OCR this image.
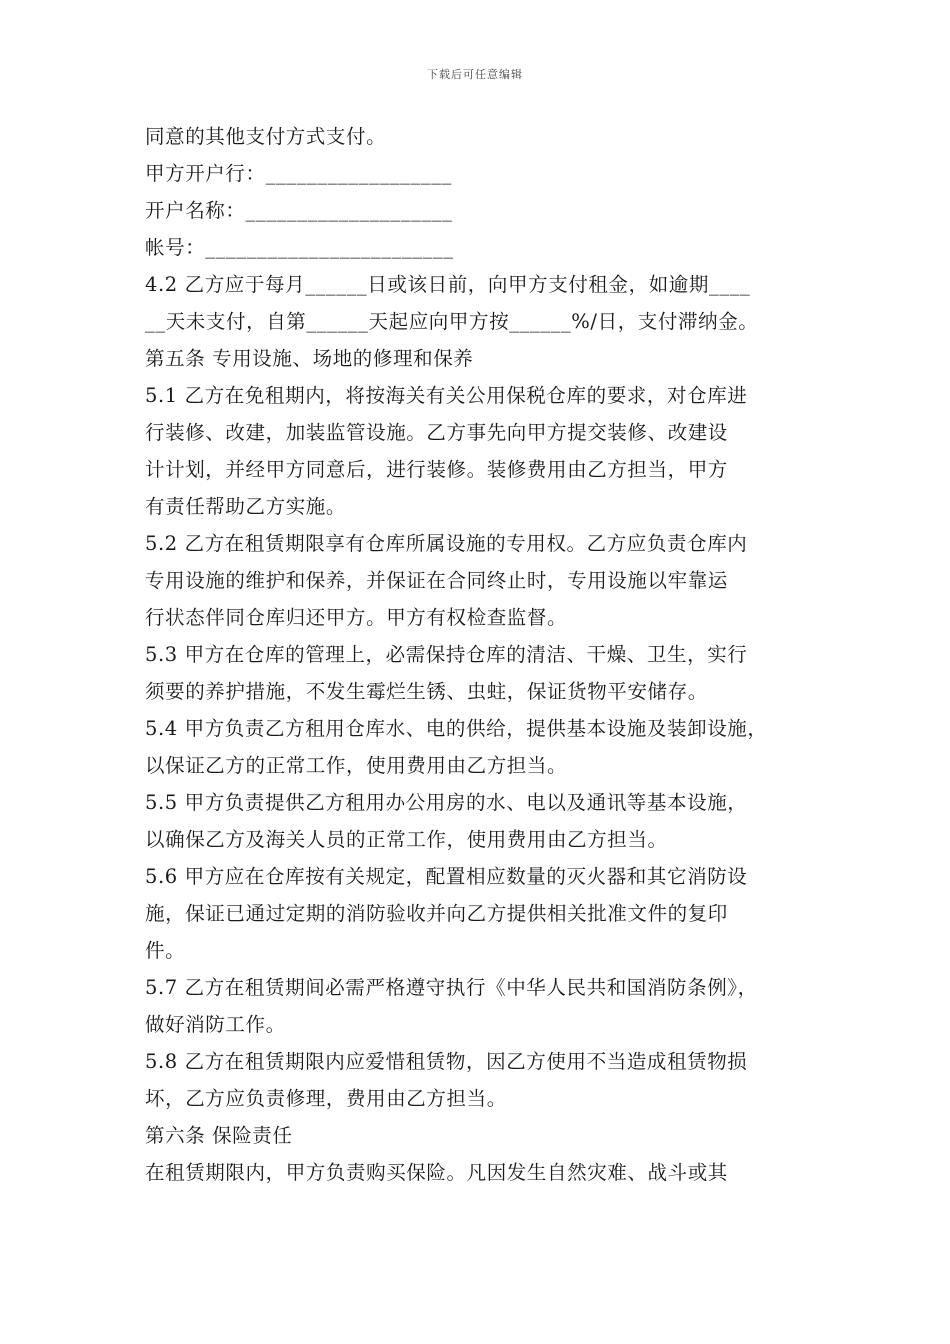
下载后可任意编辑
同意的其他支付方式支付。
甲方开户行：__________________
开户名称：____________________
帐号：________________________
4.2 乙方应于每月______日或该日前，向甲方支付租金，如逾期____
__天未支付，自第______天起应向甲方按______%/日，支付滞纳金。
第五条 专用设施、场地的修理和保养
5.1 乙方在免租期内，将按海关有关公用保税仓库的要求，对仓库进
行装修、改建，加装监管设施。乙方事先向甲方提交装修、改建设
计计划，并经甲方同意后，进行装修。装修费用由乙方担当，甲方
有责任帮助乙方实施。
5.2 乙方在租赁期限享有仓库所属设施的专用权。乙方应负责仓库内
专用设施的维护和保养，并保证在合同终止时，专用设施以牢靠运
行状态伴同仓库归还甲方。甲方有权检查监督。
5.3 甲方在仓库的管理上，必需保持仓库的清洁、干燥、卫生，实行
须要的养护措施，不发生霉烂生锈、虫蛀，保证货物平安储存。
5.4 甲方负责乙方租用仓库水、电的供给，提供基本设施及装卸设施，
以保证乙方的正常工作，使用费用由乙方担当。
5.5 甲方负责提供乙方租用办公用房的水、电以及通讯等基本设施，
以确保乙方及海关人员的正常工作，使用费用由乙方担当。
5.6 甲方应在仓库按有关规定，配置相应数量的灭火器和其它消防设
施，保证已通过定期的消防验收并向乙方提供相关批准文件的复印
件。
5.7 乙方在租赁期间必需严格遵守执行《中华人民共和国消防条例》，
做好消防工作。
5.8 乙方在租赁期限内应爱惜租赁物，因乙方使用不当造成租赁物损
坏，乙方应负责修理，费用由乙方担当。
第六条 保险责任
在租赁期限内，甲方负责购买保险。凡因发生自然灾难、战斗或其
